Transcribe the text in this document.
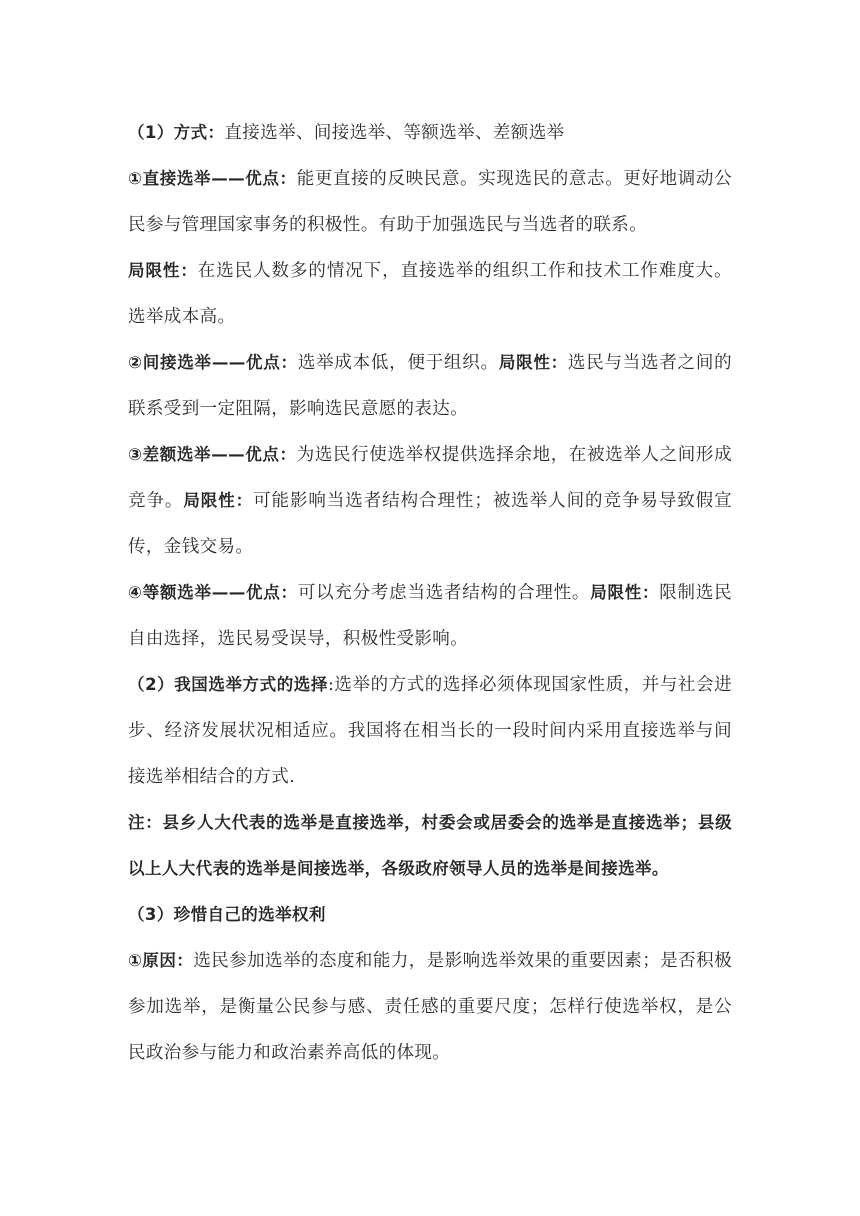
（1）方式：直接选举、间接选举、等额选举、差额选举

①直接选举——优点：能更直接的反映民意。实现选民的意志。更好地调动公民参与管理国家事务的积极性。有助于加强选民与当选者的联系。

局限性：在选民人数多的情况下，直接选举的组织工作和技术工作难度大。选举成本高。

②间接选举——优点：选举成本低，便于组织。局限性：选民与当选者之间的联系受到一定阻隔，影响选民意愿的表达。

③差额选举——优点：为选民行使选举权提供选择余地，在被选举人之间形成竞争。局限性：可能影响当选者结构合理性；被选举人间的竞争易导致假宣传，金钱交易。

④等额选举——优点：可以充分考虑当选者结构的合理性。局限性：限制选民自由选择，选民易受误导，积极性受影响。

（2）我国选举方式的选择:选举的方式的选择必须体现国家性质，并与社会进步、经济发展状况相适应。我国将在相当长的一段时间内采用直接选举与间接选举相结合的方式.

注：县乡人大代表的选举是直接选举，村委会或居委会的选举是直接选举；县级以上人大代表的选举是间接选举，各级政府领导人员的选举是间接选举。

（3）珍惜自己的选举权利

①原因：选民参加选举的态度和能力，是影响选举效果的重要因素；是否积极参加选举，是衡量公民参与感、责任感的重要尺度；怎样行使选举权，是公民政治参与能力和政治素养高低的体现。
